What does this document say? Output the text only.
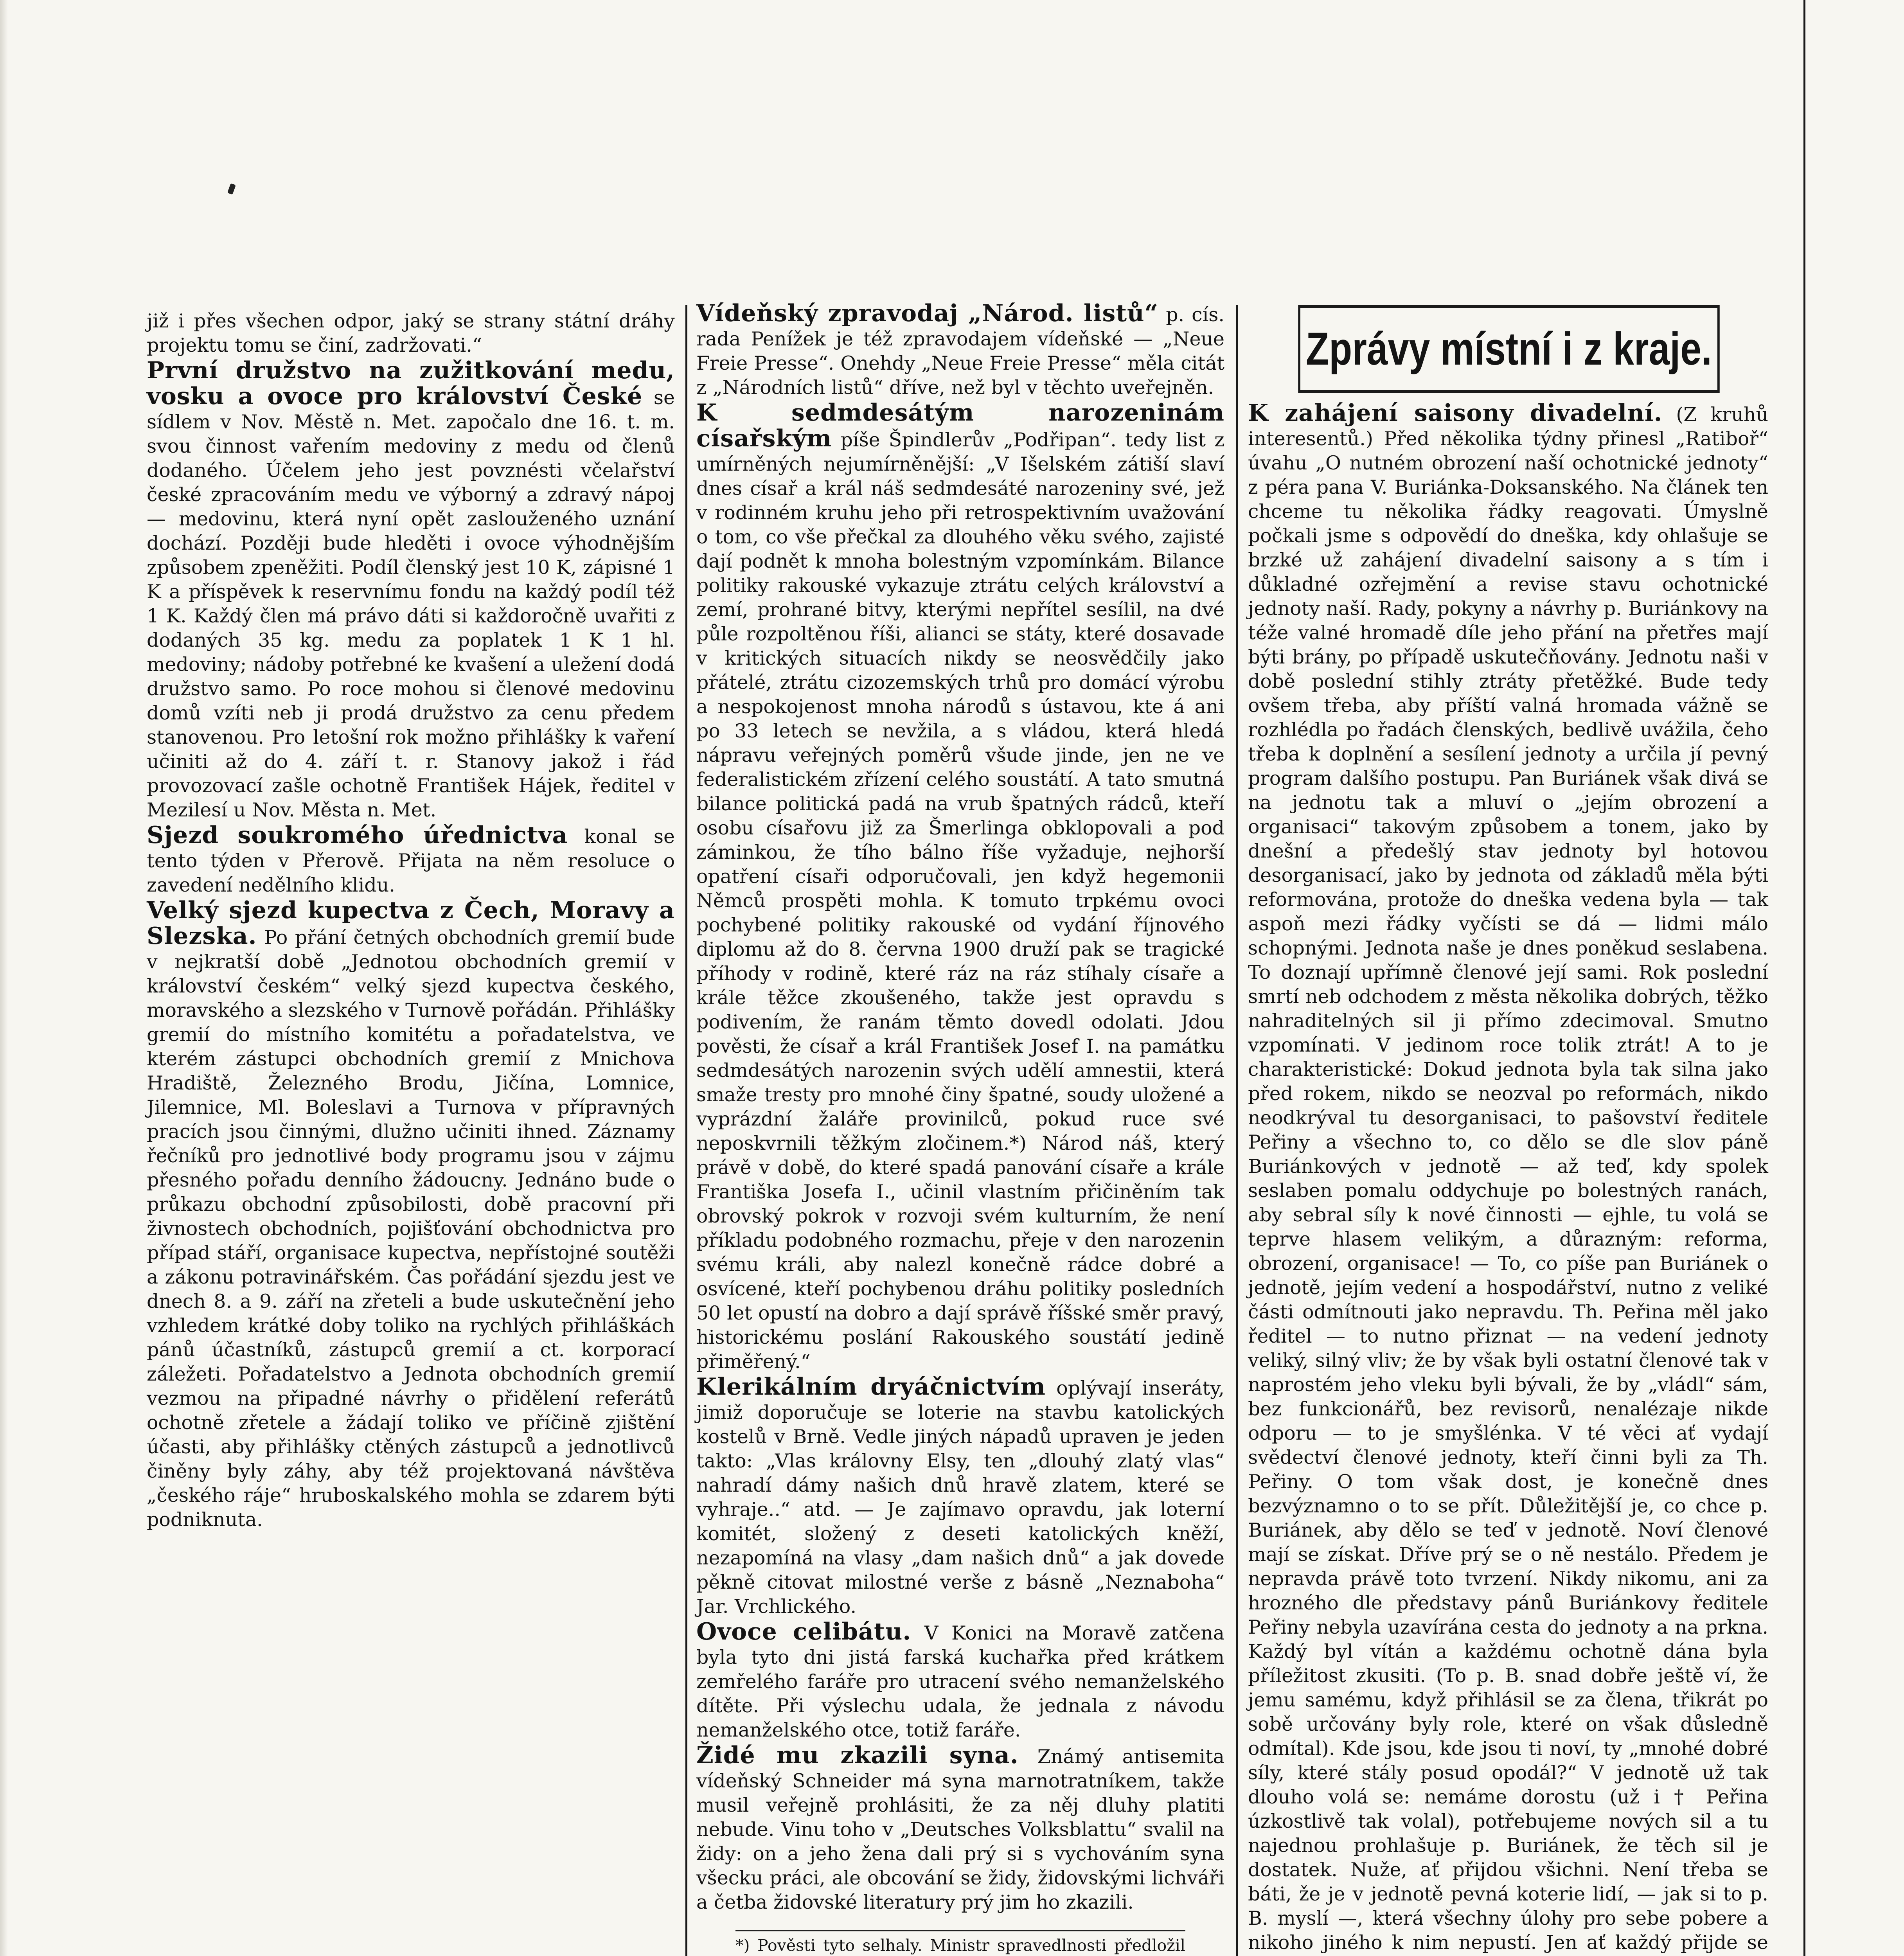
Zprávy místní i z kraje.

již i přes všechen odpor, jaký se strany státní dráhy projektu tomu se činí, zadržovati.“

První družstvo na zužitkování medu, vosku a ovoce pro království České se sídlem v Nov. Městě n. Met. započalo dne 16. t. m. svou činnost vařením medoviny z medu od členů dodaného. Účelem jeho jest povznésti včelařství české zpracováním medu ve výborný a zdravý nápoj — medovinu, která nyní opět zaslouženého uznání dochází. Později bude hleděti i ovoce výhodnějším způsobem zpeněžiti. Podíl členský jest 10 K, zápisné 1 K a příspěvek k reservnímu fondu na každý podíl též 1 K. Každý člen má právo dáti si každoročně uvařiti z dodaných 35 kg. medu za poplatek 1 K 1 hl. medoviny; nádoby potřebné ke kvašení a uležení dodá družstvo samo. Po roce mohou si členové medovinu domů vzíti neb ji prodá družstvo za cenu předem stanovenou. Pro letošní rok možno přihlášky k vaření učiniti až do 4. září t. r. Stanovy jakož i řád provozovací zašle ochotně František Hájek, ředitel v Mezilesí u Nov. Města n. Met.

Sjezd soukromého úřednictva konal se tento týden v Přerově. Přijata na něm resoluce o zavedení nedělního klidu.

Velký sjezd kupectva z Čech, Moravy a Slezska. Po přání četných obchodních gremií bude v nejkratší době „Jednotou obchodních gremií v království českém“ velký sjezd kupectva českého, moravského a slezského v Turnově pořádán. Přihlášky gremií do místního komitétu a pořadatelstva, ve kterém zástupci obchodních gremií z Mnichova Hradiště, Železného Brodu, Jičína, Lomnice, Jilemnice, Ml. Boleslavi a Turnova v přípravných pracích jsou činnými, dlužno učiniti ihned. Záznamy řečníků pro jednotlivé body programu jsou v zájmu přesného pořadu denního žádoucny. Jednáno bude o průkazu obchodní způsobilosti, době pracovní při živnostech obchodních, pojišťování obchodnictva pro případ stáří, organisace kupectva, nepřístojné soutěži a zákonu potravinářském. Čas pořádání sjezdu jest ve dnech 8. a 9. září na zřeteli a bude uskutečnění jeho vzhledem krátké doby toliko na rychlých přihláškách pánů účastníků, zástupců gremií a ct. korporací záležeti. Pořadatelstvo a Jednota obchodních gremií vezmou na připadné návrhy o přidělení referátů ochotně zřetele a žádají toliko ve příčině zjištění účasti, aby přihlášky ctěných zástupců a jednotlivců činěny byly záhy, aby též projektovaná návštěva „českého ráje“ hruboskalského mohla se zdarem býti podniknuta.

Vídeňský zpravodaj „Národ. listů“ p. cís. rada Penížek je též zpravodajem vídeňské — „Neue Freie Presse“. Onehdy „Neue Freie Presse“ měla citát z „Národních listů“ dříve, než byl v těchto uveřejněn.

K sedmdesátým narozeninám císařským píše Špindlerův „Podřipan“. tedy list z umírněných nejumírněnější: „V Išelském zátiší slaví dnes císař a král náš sedmdesáté narozeniny své, jež v rodinném kruhu jeho při retrospektivním uvažování o tom, co vše přečkal za dlouhého věku svého, zajisté dají podnět k mnoha bolestným vzpomínkám. Bilance politiky rakouské vykazuje ztrátu celých království a zemí, prohrané bitvy, kterými nepřítel sesílil, na dvé půle rozpoltěnou říši, alianci se státy, které dosavade v kritických situacích nikdy se neosvědčily jako přátelé, ztrátu cizozemských trhů pro domácí výrobu a nespokojenost mnoha národů s ústavou, kte á ani po 33 letech se nevžila, a s vládou, která hledá nápravu veřejných poměrů všude jinde, jen ne ve federalistickém zřízení celého soustátí. A tato smutná bilance politická padá na vrub špatných rádců, kteří osobu císařovu již za Šmerlinga obklopovali a pod záminkou, že tího bálno říše vyžaduje, nejhorší opatření císaři odporučovali, jen když hegemonii Němců prospěti mohla. K tomuto trpkému ovoci pochybené politiky rakouské od vydání říjnového diplomu až do 8. června 1900 druží pak se tragické příhody v rodině, které ráz na ráz stíhaly císaře a krále těžce zkoušeného, takže jest opravdu s podivením, že ranám těmto dovedl odolati. Jdou pověsti, že císař a král František Josef I. na památku sedmdesátých narozenin svých udělí amnestii, která smaže tresty pro mnohé činy špatné, soudy uložené a vyprázdní žaláře provinilců, pokud ruce své neposkvrnili těžkým zločinem.*) Národ náš, který právě v době, do které spadá panování císaře a krále Františka Josefa I., učinil vlastním přičiněním tak obrovský pokrok v rozvoji svém kulturním, že není příkladu podobného rozmachu, přeje v den narozenin svému králi, aby nalezl konečně rádce dobré a osvícené, kteří pochybenou dráhu politiky posledních 50 let opustí na dobro a dají správě říšské směr pravý, historickému poslání Rakouského soustátí jedině přiměřený.“

Klerikálním dryáčnictvím oplývají inseráty, jimiž doporučuje se loterie na stavbu katolických kostelů v Brně. Vedle jiných nápadů upraven je jeden takto: „Vlas královny Elsy, ten „dlouhý zlatý vlas“ nahradí dámy našich dnů hravě zlatem, které se vyhraje..“ atd. — Je zajímavo opravdu, jak loterní komitét, složený z deseti katolických kněží, nezapomíná na vlasy „dam našich dnů“ a jak dovede pěkně citovat milostné verše z básně „Neznaboha“ Jar. Vrchlického.

Ovoce celibátu. V Konici na Moravě zatčena byla tyto dni jistá farská kuchařka před krátkem zemřelého faráře pro utracení svého nemanželského dítěte. Při výslechu udala, že jednala z návodu nemanželského otce, totiž faráře.

Židé mu zkazili syna. Známý antisemita vídeňský Schneider má syna marnotratníkem, takže musil veřejně prohlásiti, že za něj dluhy platiti nebude. Vinu toho v „Deutsches Volksblattu“ svalil na židy: on a jeho žena dali prý si s vychováním syna všecku práci, ale obcování se židy, židovskými lichváři a četba židovské literatury prý jim ho zkazili.

*) Pověsti tyto selhaly. Ministr spravedlnosti předložil

K zahájení saisony divadelní. (Z kruhů interesentů.) Před několika týdny přinesl „Ratiboř“ úvahu „O nutném obrození naší ochotnické jednoty“ z péra pana V. Buriánka-Doksanského. Na článek ten chceme tu několika řádky reagovati. Úmyslně počkali jsme s odpovědí do dneška, kdy ohlašuje se brzké už zahájení divadelní saisony a s tím i důkladné ozřejmění a revise stavu ochotnické jednoty naší. Rady, pokyny a návrhy p. Buriánkovy na téže valné hromadě díle jeho přání na přetřes mají býti brány, po případě uskutečňovány. Jednotu naši v době poslední stihly ztráty přetěžké. Bude tedy ovšem třeba, aby příští valná hromada vážně se rozhlédla po řadách členských, bedlivě uvážila, čeho třeba k doplnění a sesílení jednoty a určila jí pevný program dalšího postupu. Pan Buriánek však divá se na jednotu tak a mluví o „jejím obrození a organisaci“ takovým způsobem a tonem, jako by dnešní a předešlý stav jednoty byl hotovou desorganisací, jako by jednota od základů měla býti reformována, protože do dneška vedena byla — tak aspoň mezi řádky vyčísti se dá — lidmi málo schopnými. Jednota naše je dnes poněkud seslabena. To doznají upřímně členové její sami. Rok poslední smrtí neb odchodem z města několika dobrých, těžko nahraditelných sil ji přímo zdecimoval. Smutno vzpomínati. V jedinom roce tolik ztrát! A to je charakteristické: Dokud jednota byla tak silna jako před rokem, nikdo se neozval po reformách, nikdo neodkrýval tu desorganisaci, to pašovství ředitele Peřiny a všechno to, co dělo se dle slov páně Buriánkových v jednotě — až teď, kdy spolek seslaben pomalu oddychuje po bolestných ranách, aby sebral síly k nové činnosti — ejhle, tu volá se teprve hlasem velikým, a důrazným: reforma, obrození, organisace! — To, co píše pan Buriánek o jednotě, jejím vedení a hospodářství, nutno z veliké části odmítnouti jako nepravdu. Th. Peřina měl jako ředitel — to nutno přiznat — na vedení jednoty veliký, silný vliv; že by však byli ostatní členové tak v naprostém jeho vleku byli bývali, že by „vládl“ sám, bez funkcionářů, bez revisorů, nenalézaje nikde odporu — to je smyšlénka. V té věci ať vydají svědectví členové jednoty, kteří činni byli za Th. Peřiny. O tom však dost, je konečně dnes bezvýznamno o to se přít. Důležitější je, co chce p. Buriánek, aby dělo se teď v jednotě. Noví členové mají se získat. Dříve prý se o ně nestálo. Předem je nepravda právě toto tvrzení. Nikdy nikomu, ani za hrozného dle představy pánů Buriánkovy ředitele Peřiny nebyla uzavírána cesta do jednoty a na prkna. Každý byl vítán a každému ochotně dána byla příležitost zkusiti. (To p. B. snad dobře ještě ví, že jemu samému, když přihlásil se za člena, třikrát po sobě určovány byly role, které on však důsledně odmítal). Kde jsou, kde jsou ti noví, ty „mnohé dobré síly, které stály posud opodál?“ V jednotě už tak dlouho volá se: nemáme dorostu (už i † Peřina úzkostlivě tak volal), potřebujeme nových sil a tu najednou prohlašuje p. Buriánek, že těch sil je dostatek. Nuže, ať přijdou všichni. Není třeba se báti, že je v jednotě pevná koterie lidí, — jak si to p. B. myslí —, která všechny úlohy pro sebe pobere a nikoho jiného k nim nepustí. Jen ať každý přijde se
